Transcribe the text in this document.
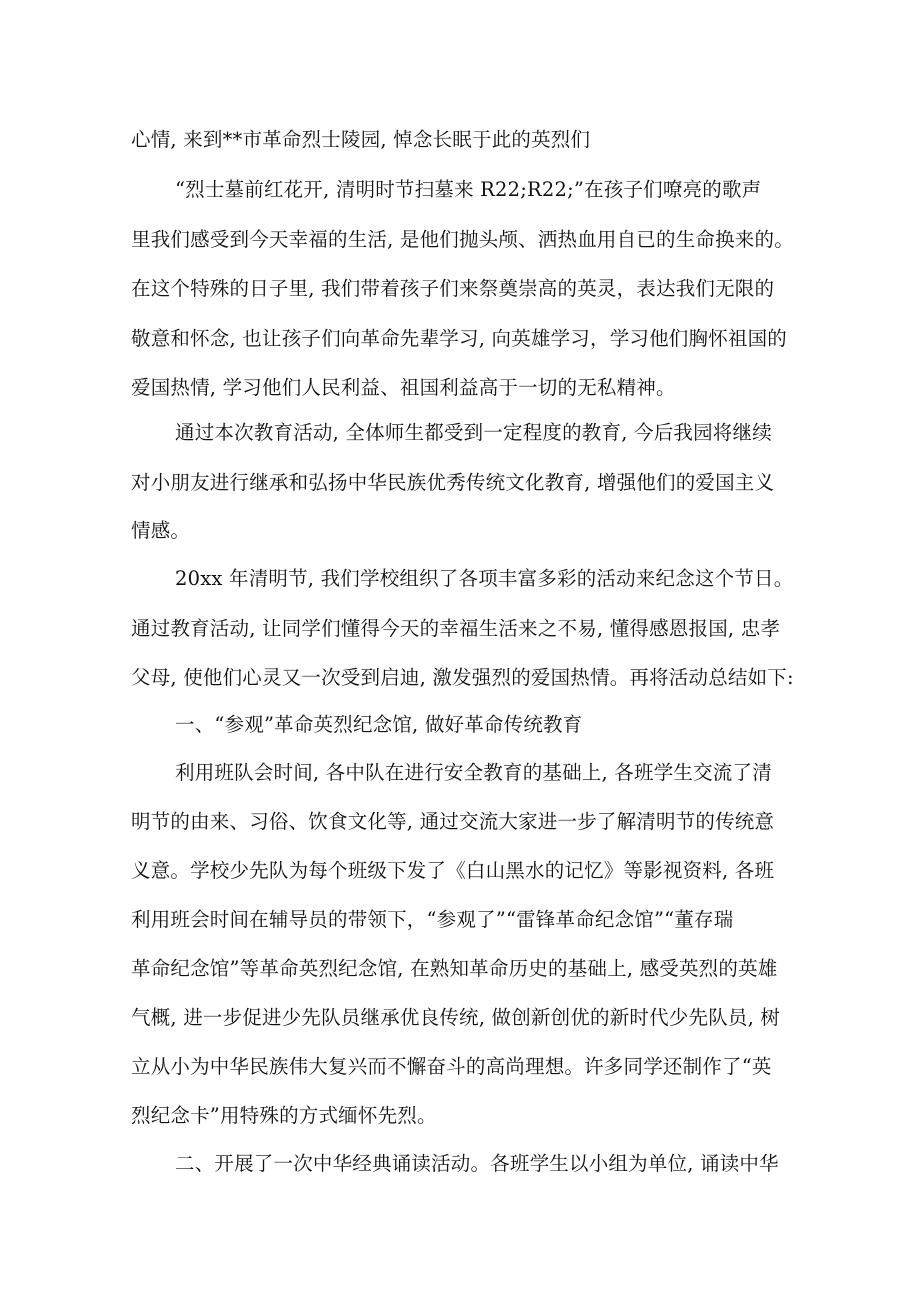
心情, 来到**市革命烈士陵园, 悼念长眠于此的英烈们
“烈士墓前红花开, 清明时节扫墓来 R22;R22;”在孩子们嘹亮的歌声
里我们感受到今天幸福的生活, 是他们抛头颅、洒热血用自已的生命换来的。
在这个特殊的日子里, 我们带着孩子们来祭奠崇高的英灵，表达我们无限的
敬意和怀念, 也让孩子们向革命先辈学习, 向英雄学习，学习他们胸怀祖国的
爱国热情, 学习他们人民利益、祖国利益高于一切的无私精神。
通过本次教育活动, 全体师生都受到一定程度的教育, 今后我园将继续
对小朋友进行继承和弘扬中华民族优秀传统文化教育, 增强他们的爱国主义
情感。
20xx 年清明节, 我们学校组织了各项丰富多彩的活动来纪念这个节日。
通过教育活动, 让同学们懂得今天的幸福生活来之不易, 懂得感恩报国, 忠孝
父母, 使他们心灵又一次受到启迪, 激发强烈的爱国热情。再将活动总结如下:
一、“参观”革命英烈纪念馆, 做好革命传统教育
利用班队会时间, 各中队在进行安全教育的基础上, 各班学生交流了清
明节的由来、习俗、饮食文化等, 通过交流大家进一步了解清明节的传统意
义意。学校少先队为每个班级下发了《白山黑水的记忆》等影视资料, 各班
利用班会时间在辅导员的带领下，“参观了”“雷锋革命纪念馆”“董存瑞
革命纪念馆”等革命英烈纪念馆, 在熟知革命历史的基础上, 感受英烈的英雄
气概, 进一步促进少先队员继承优良传统, 做创新创优的新时代少先队员, 树
立从小为中华民族伟大复兴而不懈奋斗的高尚理想。许多同学还制作了“英
烈纪念卡”用特殊的方式缅怀先烈。
二、开展了一次中华经典诵读活动。各班学生以小组为单位, 诵读中华
